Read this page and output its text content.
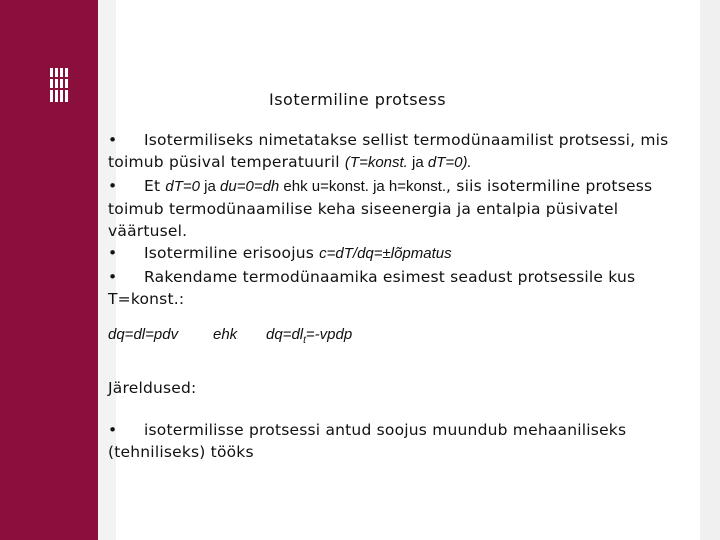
Isotermiline protsess

• Isotermiliseks nimetatakse sellist termodünaamilist protsessi, mis toimub püsival temperatuuril (T=konst. ja dT=0).

• Et dT=0 ja du=0=dh ehk u=konst. ja h=konst., siis isotermiline protsess toimub termodünaamilise keha siseenergia ja entalpia püsivatel väärtusel.

• Isotermiline erisoojus c=dT/dq=±lõpmatus

• Rakendame termodünaamika esimest seadust protsessile kus T=konst.:

dq=dl=pdv ehk $dq=dl_t=$-vpdp

Järeldused:

• isotermilisse protsessi antud soojus muundub mehaaniliseks (tehniliseks) tööks
